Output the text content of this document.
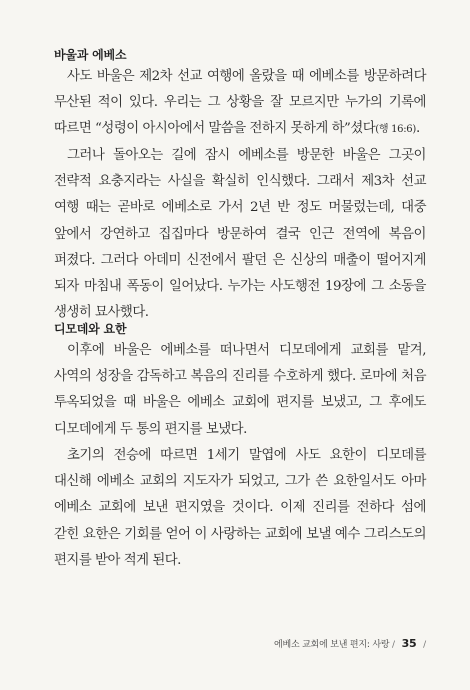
바울과 에베소
사도 바울은 제2차 선교 여행에 올랐을 때 에베소를 방문하려다 무산된 적이 있다. 우리는 그 상황을 잘 모르지만 누가의 기록에 따르면 “성령이 아시아에서 말씀을 전하지 못하게 하”셨다(행 16:6).
그러나 돌아오는 길에 잠시 에베소를 방문한 바울은 그곳이 전략적 요충지라는 사실을 확실히 인식했다. 그래서 제3차 선교 여행 때는 곧바로 에베소로 가서 2년 반 정도 머물렀는데, 대중 앞에서 강연하고 집집마다 방문하여 결국 인근 전역에 복음이 퍼졌다. 그러다 아데미 신전에서 팔던 은 신상의 매출이 떨어지게 되자 마침내 폭동이 일어났다. 누가는 사도행전 19장에 그 소동을 생생히 묘사했다.
디모데와 요한
이후에 바울은 에베소를 떠나면서 디모데에게 교회를 맡겨, 사역의 성장을 감독하고 복음의 진리를 수호하게 했다. 로마에 처음 투옥되었을 때 바울은 에베소 교회에 편지를 보냈고, 그 후에도 디모데에게 두 통의 편지를 보냈다.
초기의 전승에 따르면 1세기 말엽에 사도 요한이 디모데를 대신해 에베소 교회의 지도자가 되었고, 그가 쓴 요한일서도 아마 에베소 교회에 보낸 편지였을 것이다. 이제 진리를 전하다 섬에 갇힌 요한은 기회를 얻어 이 사랑하는 교회에 보낼 예수 그리스도의 편지를 받아 적게 된다.
에베소 교회에 보낸 편지: 사랑 / 35 /
